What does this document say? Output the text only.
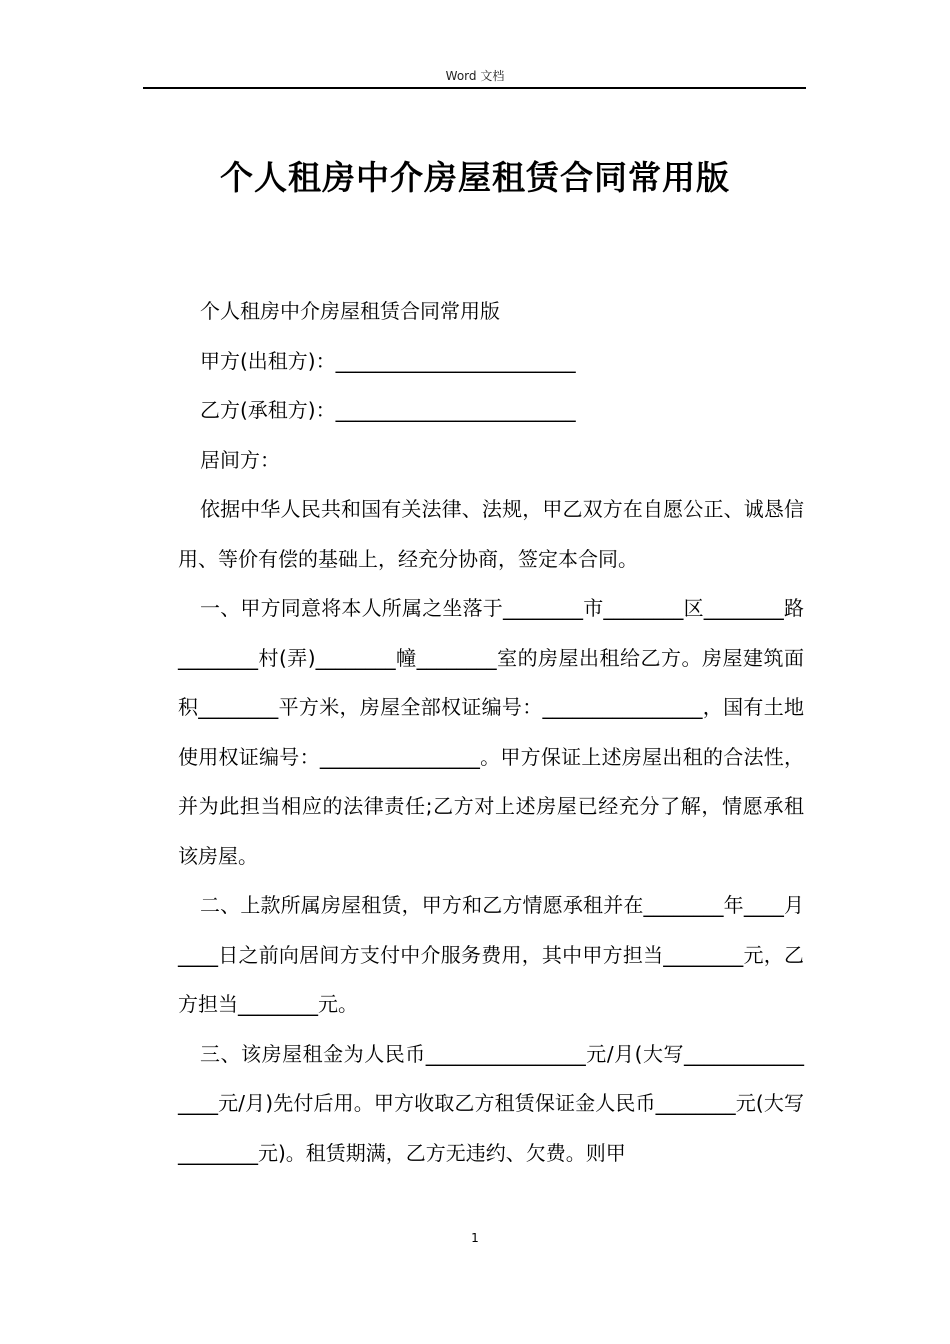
Word 文档
个人租房中介房屋租赁合同常用版

个人租房中介房屋租赁合同常用版

甲方(出租方)：________________________

乙方(承租方)：________________________

居间方：

依据中华人民共和国有关法律、法规，甲乙双方在自愿公正、诚恳信用、等价有偿的基础上，经充分协商，签定本合同。

一、甲方同意将本人所属之坐落于________市________区________路________村(弄)________幢________室的房屋出租给乙方。房屋建筑面积________平方米，房屋全部权证编号：________________，国有土地使用权证编号：________________。甲方保证上述房屋出租的合法性，并为此担当相应的法律责任;乙方对上述房屋已经充分了解，情愿承租该房屋。

二、上款所属房屋租赁，甲方和乙方情愿承租并在________年____月____日之前向居间方支付中介服务费用，其中甲方担当________元，乙方担当________元。

三、该房屋租金为人民币________________元/月(大写________________元/月)先付后用。甲方收取乙方租赁保证金人民币________元(大写________元)。租赁期满，乙方无违约、欠费。则甲

1
